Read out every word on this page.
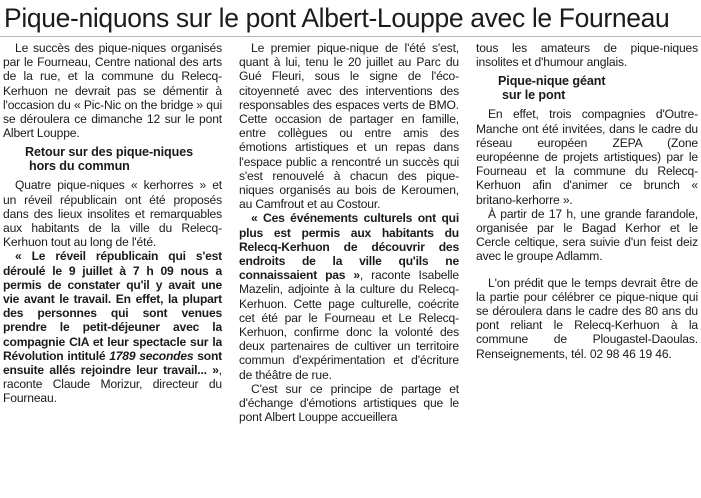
Pique-niquons sur le pont Albert-Louppe avec le Fourneau

Le succès des pique-niques organisés par le Fourneau, Centre national des arts de la rue, et la commune du Relecq-Kerhuon ne devrait pas se démentir à l'occasion du « Pic-Nic on the bridge » qui se déroulera ce dimanche 12 sur le pont Albert Louppe.

Retour sur des pique-niques
hors du commun

Quatre pique-niques « kerhorres » et un réveil républicain ont été proposés dans des lieux insolites et remarquables aux habitants de la ville du Relecq-Kerhuon tout au long de l'été.

« Le réveil républicain qui s'est déroulé le 9 juillet à 7 h 09 nous a permis de constater qu'il y avait une vie avant le travail. En effet, la plupart des personnes qui sont venues prendre le petit-déjeuner avec la compagnie CIA et leur spectacle sur la Révolution intitulé 1789 secondes sont ensuite allés rejoindre leur travail... », raconte Claude Morizur, directeur du Fourneau.

Le premier pique-nique de l'été s'est, quant à lui, tenu le 20 juillet au Parc du Gué Fleuri, sous le signe de l'éco-citoyenneté avec des interventions des responsables des espaces verts de BMO. Cette occasion de partager en famille, entre collègues ou entre amis des émotions artistiques et un repas dans l'espace public a rencontré un succès qui s'est renouvelé à chacun des pique-niques organisés au bois de Keroumen, au Camfrout et au Costour.

« Ces événements culturels ont qui plus est permis aux habitants du Relecq-Kerhuon de découvrir des endroits de la ville qu'ils ne connaissaient pas », raconte Isabelle Mazelin, adjointe à la culture du Relecq-Kerhuon. Cette page culturelle, coécrite cet été par le Fourneau et Le Relecq-Kerhuon, confirme donc la volonté des deux partenaires de cultiver un territoire commun d'expérimentation et d'écriture de théâtre de rue.

C'est sur ce principe de partage et d'échange d'émotions artistiques que le pont Albert Louppe accueillera

tous les amateurs de pique-niques insolites et d'humour anglais.

Pique-nique géant
sur le pont

En effet, trois compagnies d'Outre-Manche ont été invitées, dans le cadre du réseau européen ZEPA (Zone européenne de projets artistiques) par le Fourneau et la commune du Relecq-Kerhuon afin d'animer ce brunch « britano-kerhorre ».

À partir de 17 h, une grande farandole, organisée par le Bagad Kerhor et le Cercle celtique, sera suivie d'un feist deiz avec le groupe Adlamm.

L'on prédit que le temps devrait être de la partie pour célébrer ce pique-nique qui se déroulera dans le cadre des 80 ans du pont reliant le Relecq-Kerhuon à la commune de Plougastel-Daoulas. Renseignements, tél. 02 98 46 19 46.
